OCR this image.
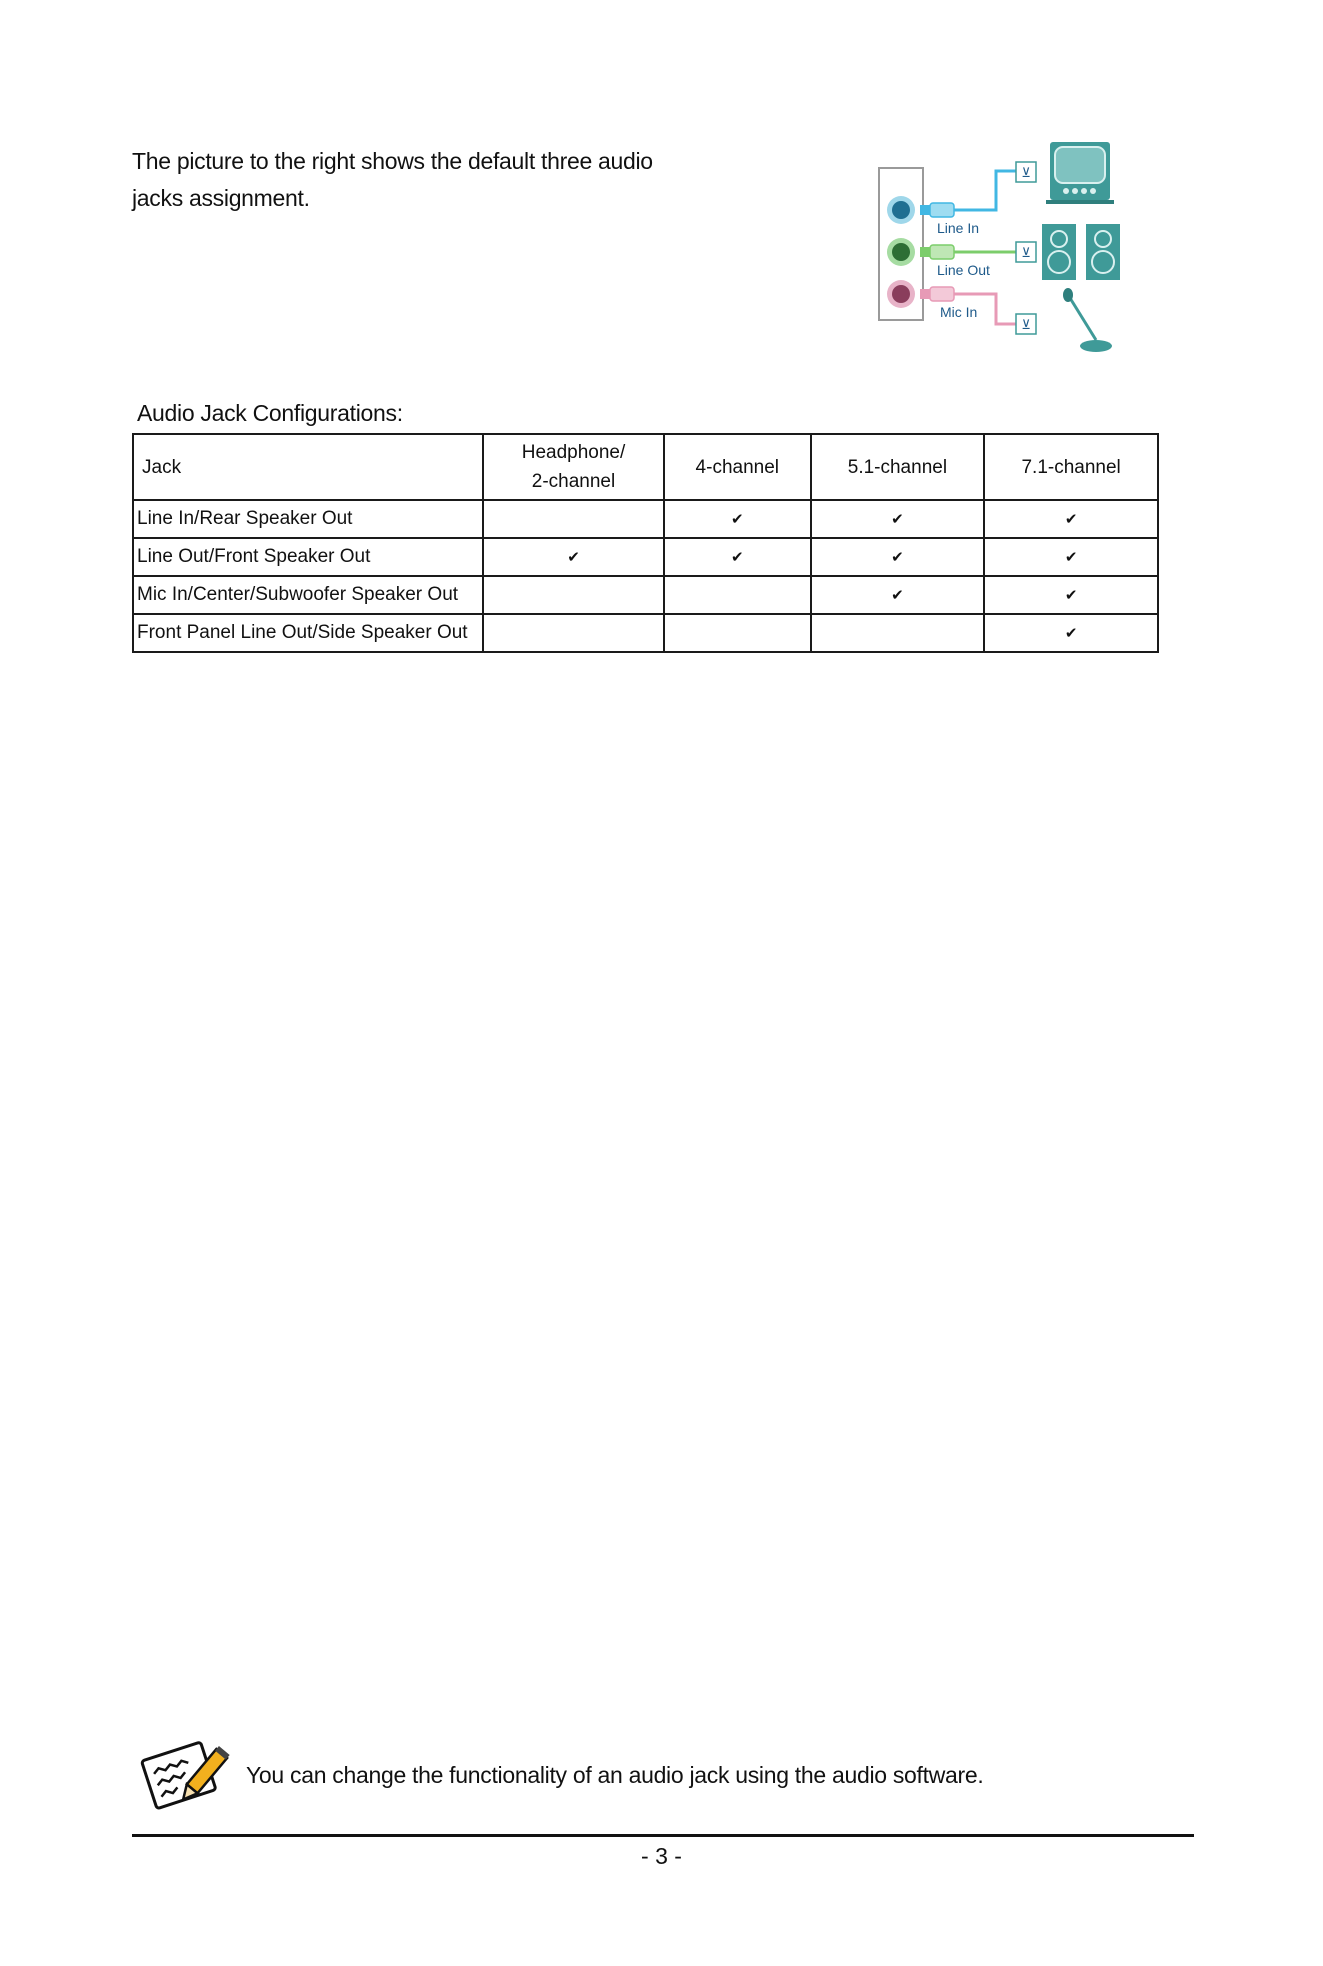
The picture to the right shows the default three audio
jacks assignment.
⊻
⊻
⊻
Line In
Line Out
Mic In
Audio Jack Configurations:
Jack	Headphone/
2-channel	4-channel	5.1-channel	7.1-channel
Line In/Rear Speaker Out		✔	✔	✔
Line Out/Front Speaker Out	✔	✔	✔	✔
Mic In/Center/Subwoofer Speaker Out			✔	✔
Front Panel Line Out/Side Speaker Out				✔
You can change the functionality of an audio jack using the audio software.
- 3 -
